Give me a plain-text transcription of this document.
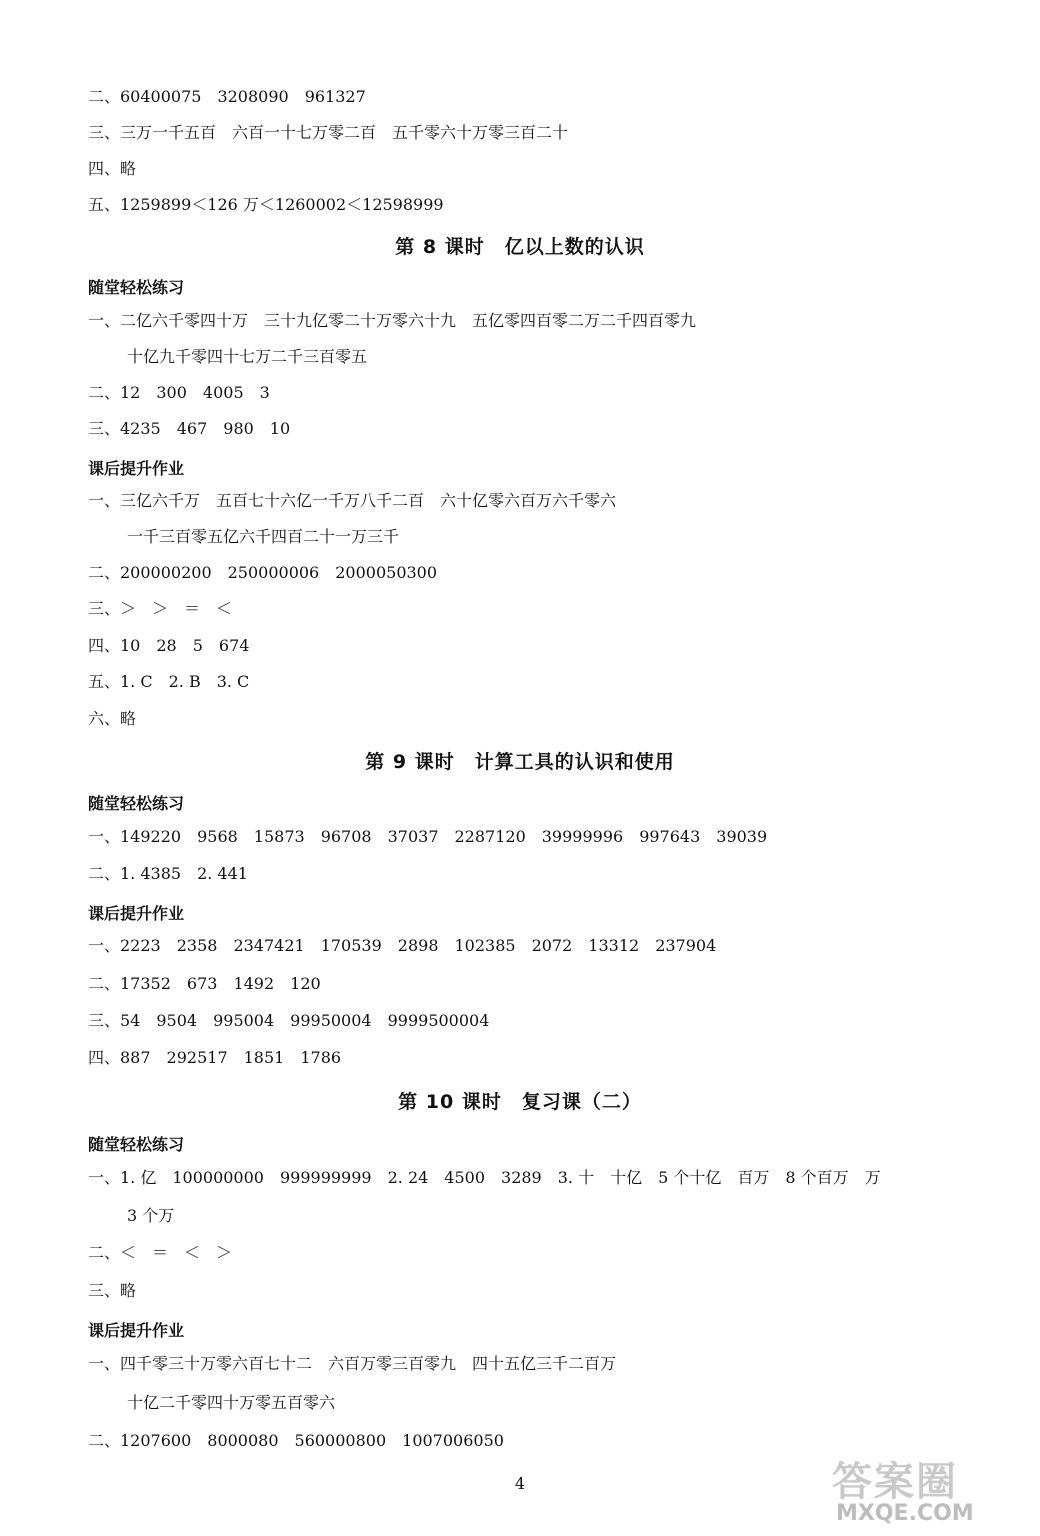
二、60400075　3208090　961327
三、三万一千五百　六百一十七万零二百　五千零六十万零三百二十
四、略
五、1259899＜126 万＜1260002＜12598999
第 8 课时　亿以上数的认识
随堂轻松练习
一、二亿六千零四十万　三十九亿零二十万零六十九　五亿零四百零二万二千四百零九
十亿九千零四十七万二千三百零五
二、12　300　4005　3
三、4235　467　980　10
课后提升作业
一、三亿六千万　五百七十六亿一千万八千二百　六十亿零六百万六千零六
一千三百零五亿六千四百二十一万三千
二、200000200　250000006　2000050300
三、＞　＞　＝　＜
四、10　28　5　674
五、1. C　2. B　3. C
六、略
第 9 课时　计算工具的认识和使用
随堂轻松练习
一、149220　9568　15873　96708　37037　2287120　39999996　997643　39039
二、1. 4385　2. 441
课后提升作业
一、2223　2358　2347421　170539　2898　102385　2072　13312　237904
二、17352　673　1492　120
三、54　9504　995004　99950004　9999500004
四、887　292517　1851　1786
第 10 课时　复习课（二）
随堂轻松练习
一、1. 亿　100000000　999999999　2. 24　4500　3289　3. 十　十亿　5 个十亿　百万　8 个百万　万
3 个万
二、＜　＝　＜　＞
三、略
课后提升作业
一、四千零三十万零六百七十二　六百万零三百零九　四十五亿三千二百万
十亿二千零四十万零五百零六
二、1207600　8000080　560000800　1007006050
4	答案圈
MXQE.COM
